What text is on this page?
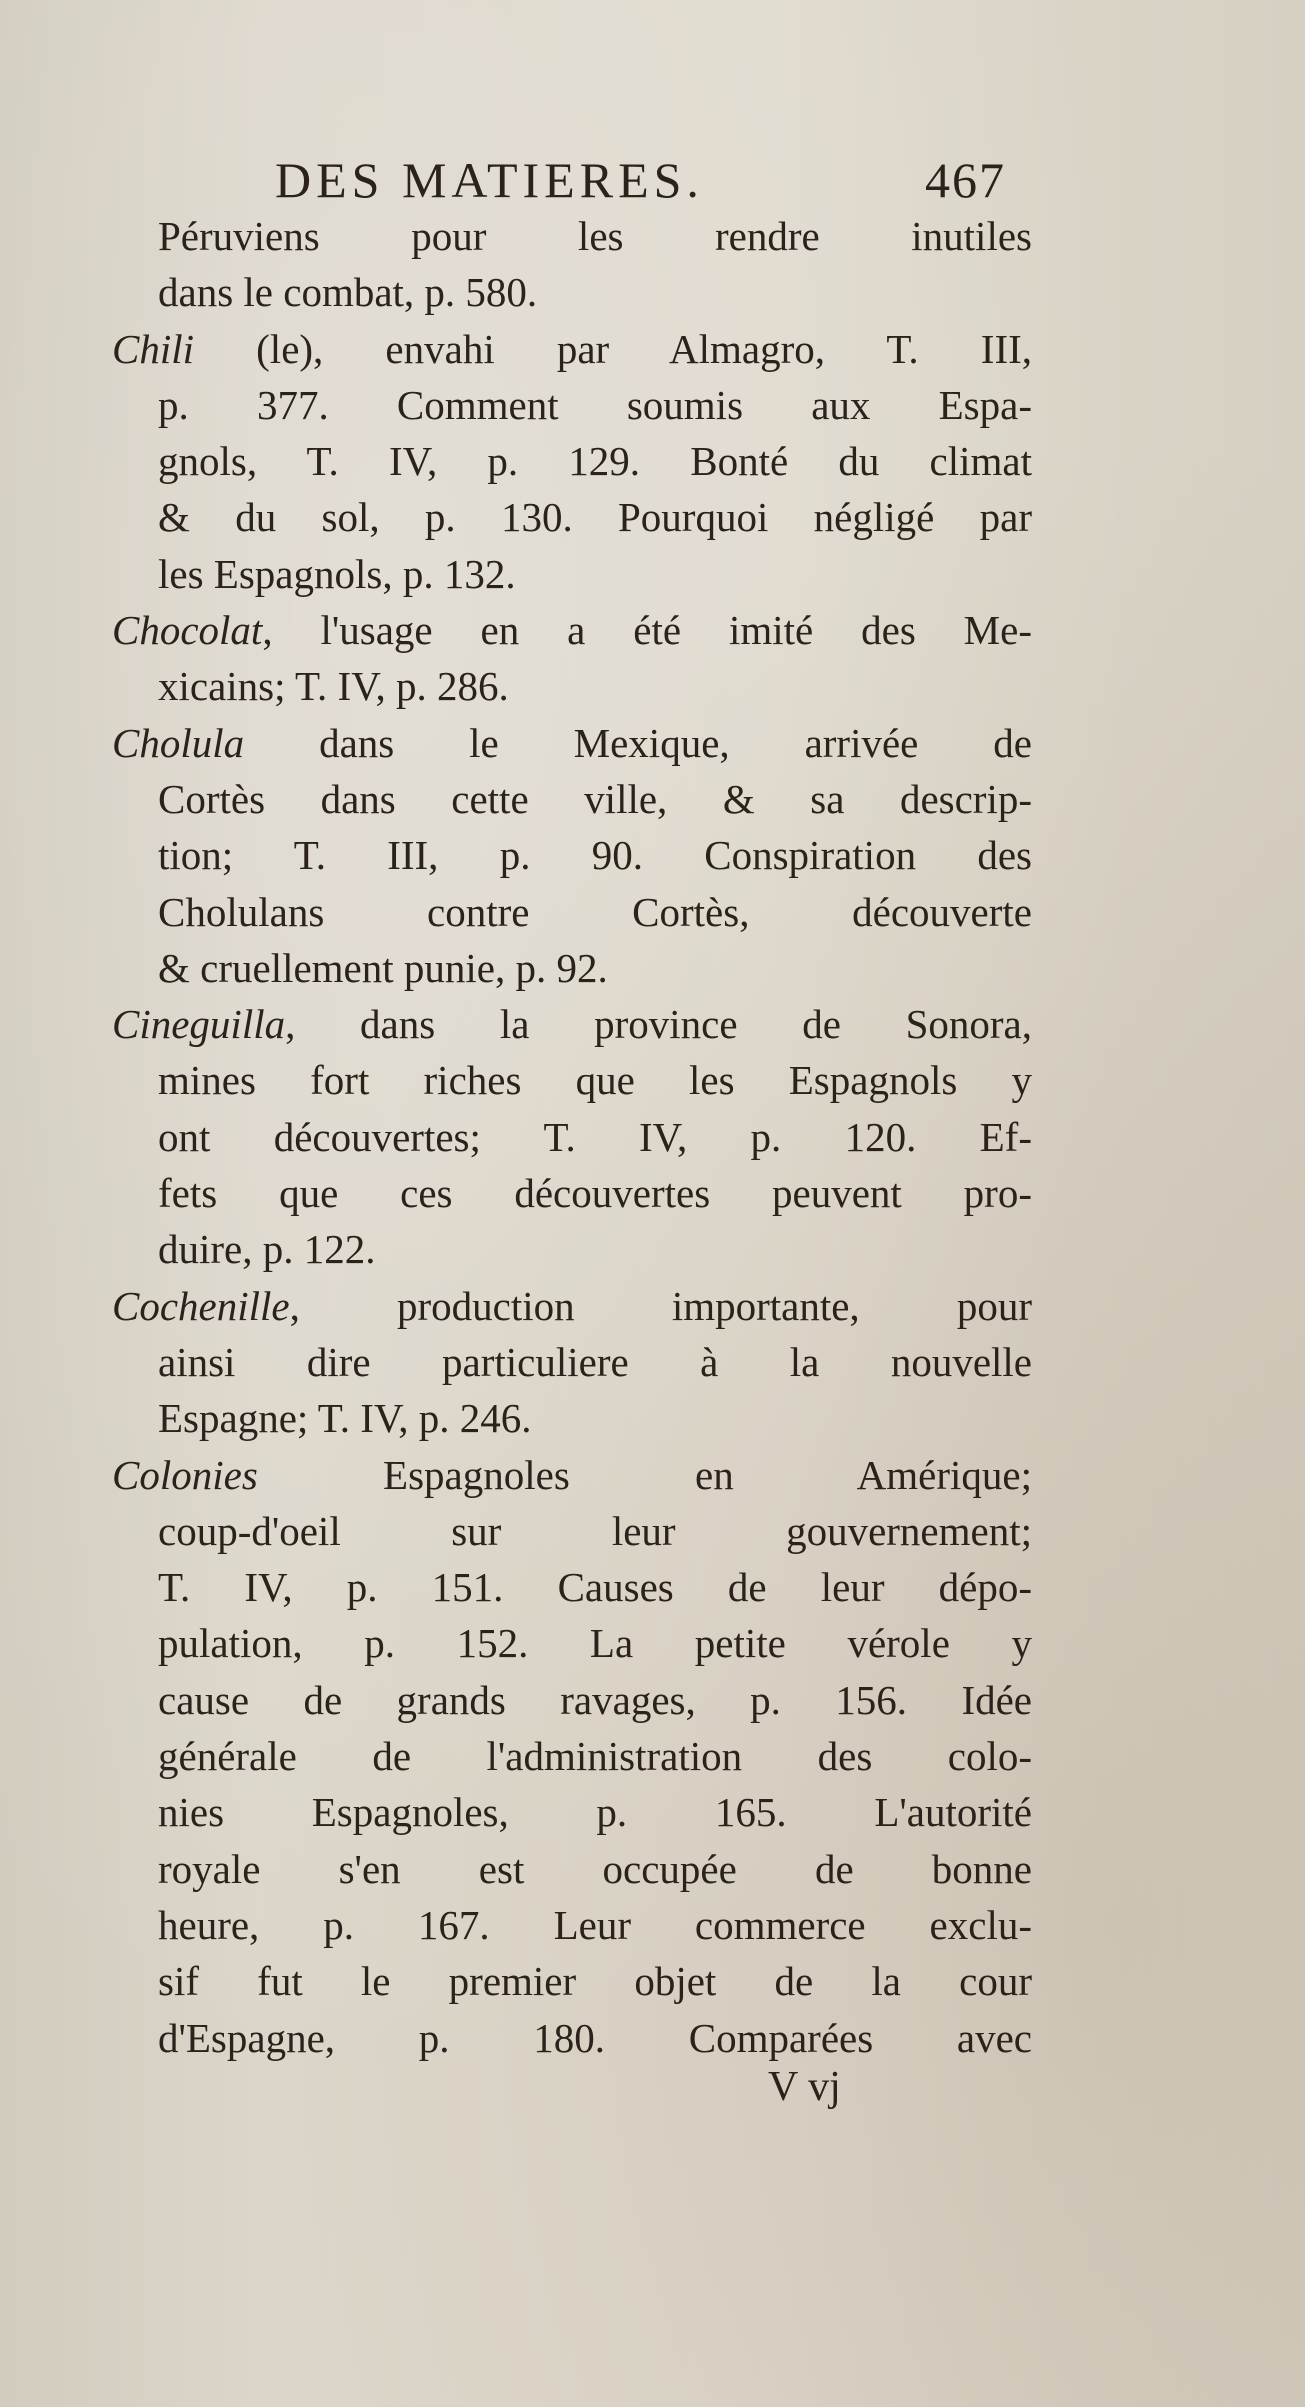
DES MATIERES.	467
Péruviens pour les rendre inutiles
dans le combat, p. 580.
Chili (le), envahi par Almagro, T. III,
p. 377. Comment soumis aux Espa-
gnols, T. IV, p. 129. Bonté du climat
& du sol, p. 130. Pourquoi négligé par
les Espagnols, p. 132.
Chocolat, l'usage en a été imité des Me-
xicains; T. IV, p. 286.
Cholula dans le Mexique, arrivée de
Cortès dans cette ville, & sa descrip-
tion; T. III, p. 90. Conspiration des
Cholulans contre Cortès, découverte
& cruellement punie, p. 92.
Cineguilla, dans la province de Sonora,
mines fort riches que les Espagnols y
ont découvertes; T. IV, p. 120. Ef-
fets que ces découvertes peuvent pro-
duire, p. 122.
Cochenille, production importante, pour
ainsi dire particuliere à la nouvelle
Espagne; T. IV, p. 246.
Colonies Espagnoles en Amérique;
coup-d'oeil sur leur gouvernement;
T. IV, p. 151. Causes de leur dépo-
pulation, p. 152. La petite vérole y
cause de grands ravages, p. 156. Idée
générale de l'administration des colo-
nies Espagnoles, p. 165. L'autorité
royale s'en est occupée de bonne
heure, p. 167. Leur commerce exclu-
sif fut le premier objet de la cour
d'Espagne, p. 180. Comparées avec
V vj
